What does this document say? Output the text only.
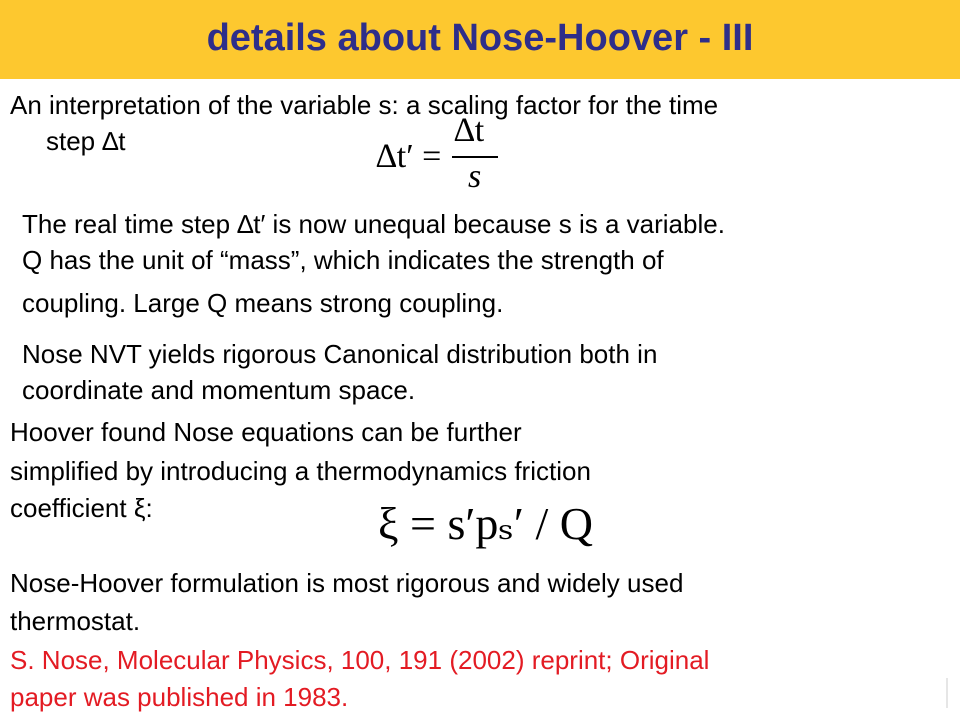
details about Nose-Hoover - III
An interpretation of the variable s: a scaling factor for the time
step ∆t	∆t′ =
∆t
s
The real time step ∆t′ is now unequal because s is a variable.
Q has the unit of “mass”, which indicates the strength of
coupling. Large Q means strong coupling.
Nose NVT yields rigorous Canonical distribution both in
coordinate and momentum space.
Hoover found Nose equations can be further
simplified by introducing a thermodynamics friction
coefficient ξ:	ξ = s′pₛ′ / Q
Nose-Hoover formulation is most rigorous and widely used
thermostat.
S. Nose, Molecular Physics, 100, 191 (2002) reprint; Original
paper was published in 1983.
